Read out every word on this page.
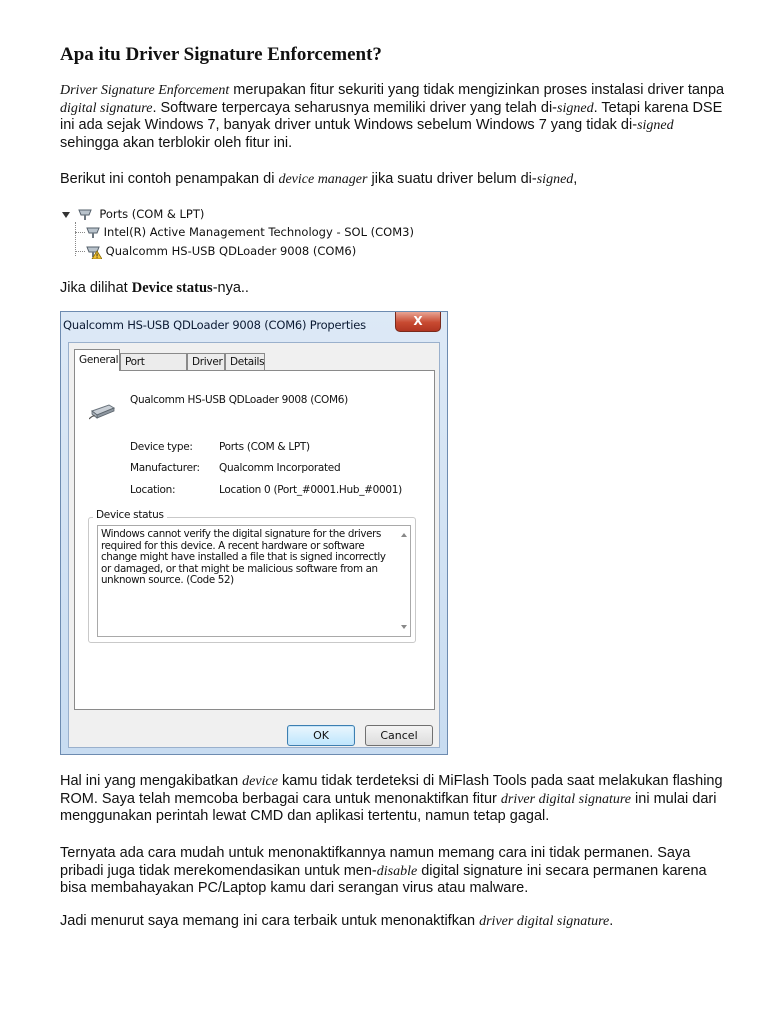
Apa itu Driver Signature Enforcement?

Driver Signature Enforcement merupakan fitur sekuriti yang tidak mengizinkan proses instalasi driver tanpa digital signature. Software terpercaya seharusnya memiliki driver yang telah di-signed. Tetapi karena DSE ini ada sejak Windows 7, banyak driver untuk Windows sebelum Windows 7 yang tidak di-signed sehingga akan terblokir oleh fitur ini.

Berikut ini contoh penampakan di device manager jika suatu driver belum di-signed,

Ports (COM & LPT)
Intel(R) Active Management Technology - SOL (COM3)
Qualcomm HS-USB QDLoader 9008 (COM6)

Jika dilihat Device status-nya..

Hal ini yang mengakibatkan device kamu tidak terdeteksi di MiFlash Tools pada saat melakukan flashing ROM. Saya telah memcoba berbagai cara untuk menonaktifkan fitur driver digital signature ini mulai dari menggunakan perintah lewat CMD dan aplikasi tertentu, namun tetap gagal.

Ternyata ada cara mudah untuk menonaktifkannya namun memang cara ini tidak permanen. Saya pribadi juga tidak merekomendasikan untuk men-disable digital signature ini secara permanen karena bisa membahayakan PC/Laptop kamu dari serangan virus atau malware.

Jadi menurut saya memang ini cara terbaik untuk menonaktifkan driver digital signature.

Qualcomm HS-USB QDLoader 9008 (COM6) Properties	X
General Port	Driver Details
Qualcomm HS-USB QDLoader 9008 (COM6)
Device type:	Ports (COM & LPT)
Manufacturer: Qualcomm Incorporated
Location:	Location 0 (Port_#0001.Hub_#0001)
Device status
Windows cannot verify the digital signature for the drivers required for this device. A recent hardware or software change might have installed a file that is signed incorrectly or damaged, or that might be malicious software from an unknown source. (Code 52)
OK	Cancel
